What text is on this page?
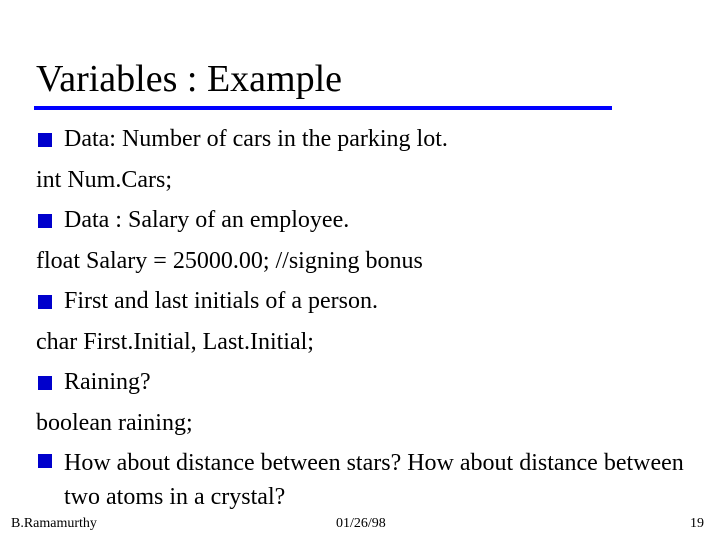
Variables : Example
Data: Number of cars in the parking lot.
int Num.Cars;
Data : Salary of an employee.
float Salary = 25000.00; //signing bonus
First and last initials of a person.
char First.Initial, Last.Initial;
Raining?
boolean raining;
How about distance between stars? How about distance between two atoms in a crystal?
B.Ramamurthy	01/26/98	19
